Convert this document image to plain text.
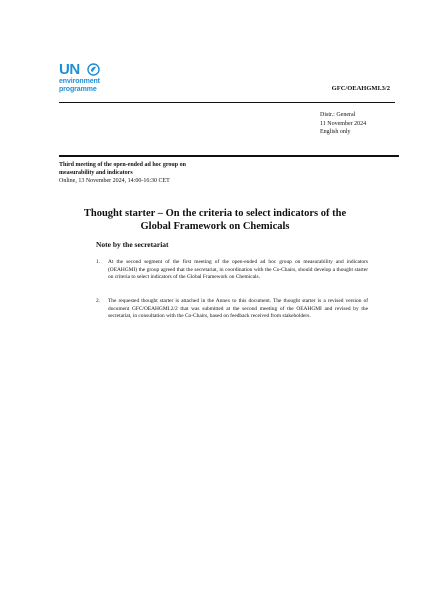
UN
environment
programme	GFC/OEAHGMI.3/2
Distr.: General
11 November 2024
English only
Third meeting of the open-ended ad hoc group on
measurability and indicators
Online, 13 November 2024, 14:00-16:30 CET
Thought starter – On the criteria to select indicators of the Global Framework on Chemicals
Note by the secretariat
1. At the second segment of the first meeting of the open-ended ad hoc group on measurability and indicators (OEAHGMI) the group agreed that the secretariat, in coordination with the Co-Chairs, should develop a thought starter on criteria to select indicators of the Global Framework on Chemicals.
2. The requested thought starter is attached in the Annex to this document. The thought starter is a revised version of document GFC/OEAHGMI.2/2 that was submitted at the second meeting of the OEAHGMI and revised by the secretariat, in consultation with the Co-Chairs, based on feedback received from stakeholders.
